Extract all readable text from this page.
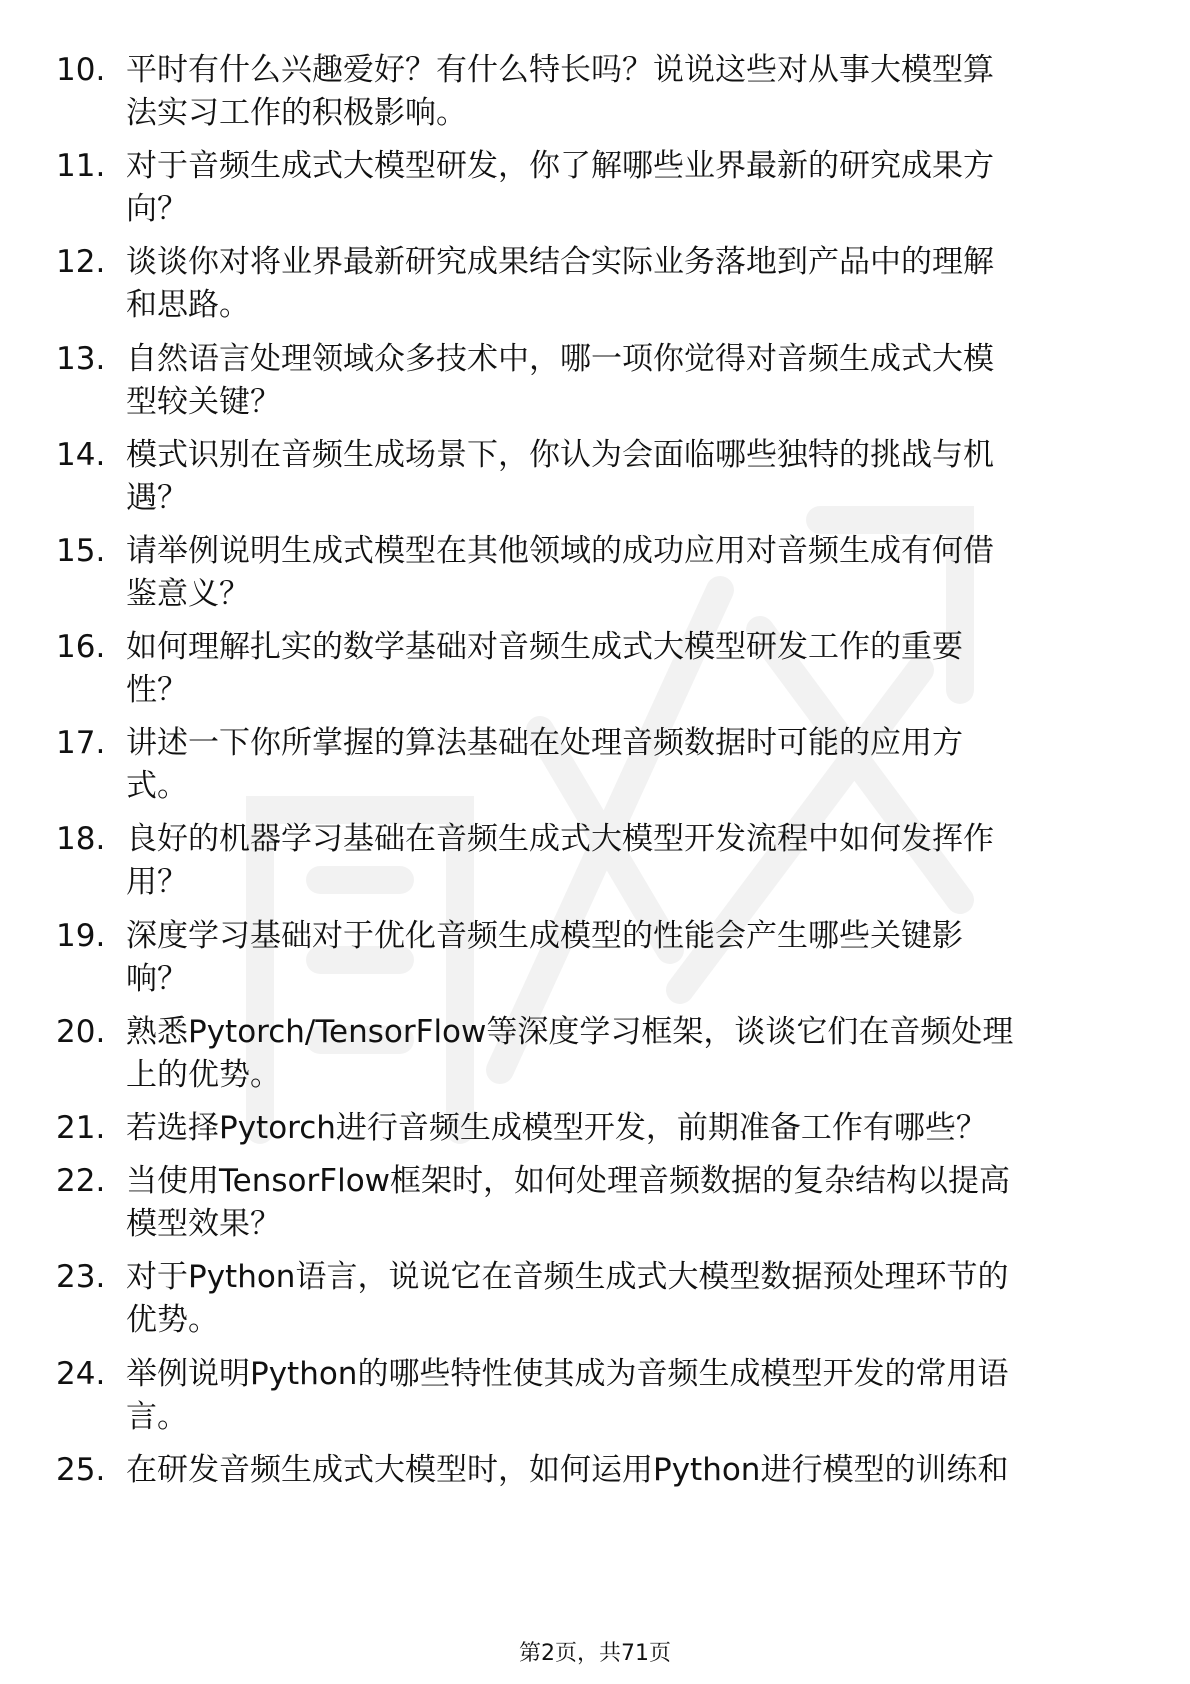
10. 平时有什么兴趣爱好？有什么特长吗？说说这些对从事大模型算
法实习工作的积极影响。
11. 对于音频生成式大模型研发，你了解哪些业界最新的研究成果方
向？
12. 谈谈你对将业界最新研究成果结合实际业务落地到产品中的理解
和思路。
13. 自然语言处理领域众多技术中，哪一项你觉得对音频生成式大模
型较关键？
14. 模式识别在音频生成场景下，你认为会面临哪些独特的挑战与机
遇？
15. 请举例说明生成式模型在其他领域的成功应用对音频生成有何借
鉴意义？
16. 如何理解扎实的数学基础对音频生成式大模型研发工作的重要
性？
17. 讲述一下你所掌握的算法基础在处理音频数据时可能的应用方
式。
18. 良好的机器学习基础在音频生成式大模型开发流程中如何发挥作
用？
19. 深度学习基础对于优化音频生成模型的性能会产生哪些关键影
响？
20. 熟悉Pytorch/TensorFlow等深度学习框架，谈谈它们在音频处理
上的优势。
21. 若选择Pytorch进行音频生成模型开发，前期准备工作有哪些？
22. 当使用TensorFlow框架时，如何处理音频数据的复杂结构以提高
模型效果？
23. 对于Python语言，说说它在音频生成式大模型数据预处理环节的
优势。
24. 举例说明Python的哪些特性使其成为音频生成模型开发的常用语
言。
25. 在研发音频生成式大模型时，如何运用Python进行模型的训练和
第2页，共71页
